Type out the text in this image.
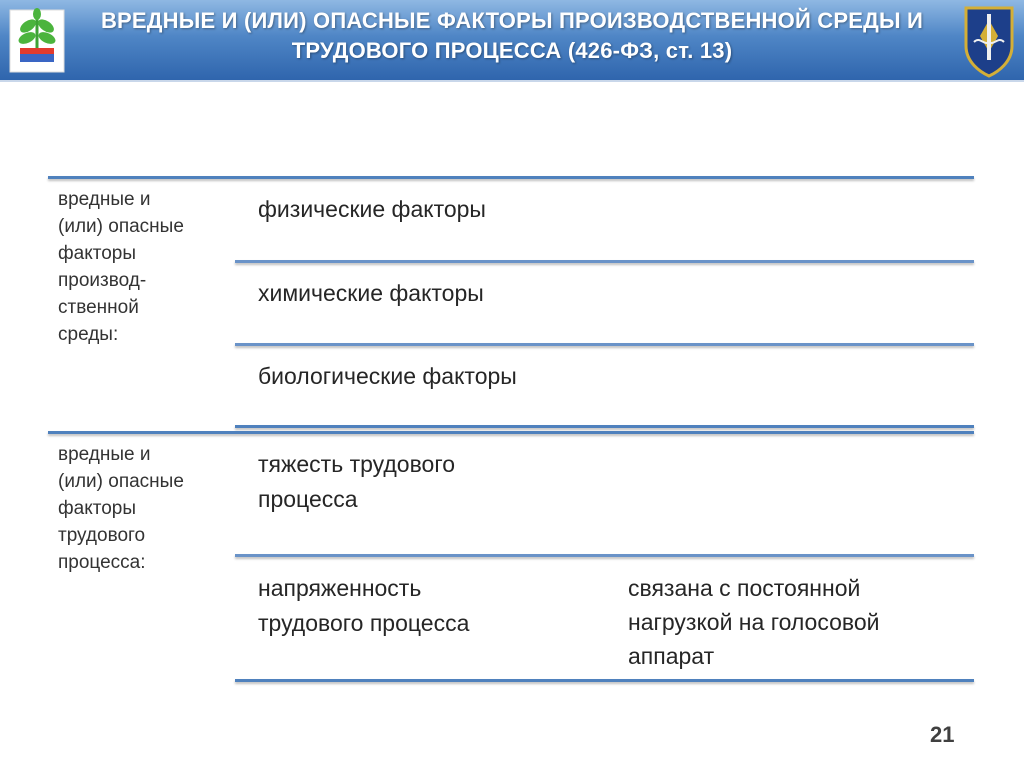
ВРЕДНЫЕ И (ИЛИ) ОПАСНЫЕ ФАКТОРЫ ПРОИЗВОДСТВЕННОЙ СРЕДЫ И ТРУДОВОГО ПРОЦЕССА (426-ФЗ, ст. 13)
вредные и
(или) опасные
факторы
производ-
ственной
среды:
физические факторы
химические факторы
биологические факторы
вредные и
(или) опасные
факторы
трудового
процесса:
тяжесть трудового
процесса
напряженность
трудового процесса
связана с постоянной
нагрузкой на голосовой
аппарат
21
